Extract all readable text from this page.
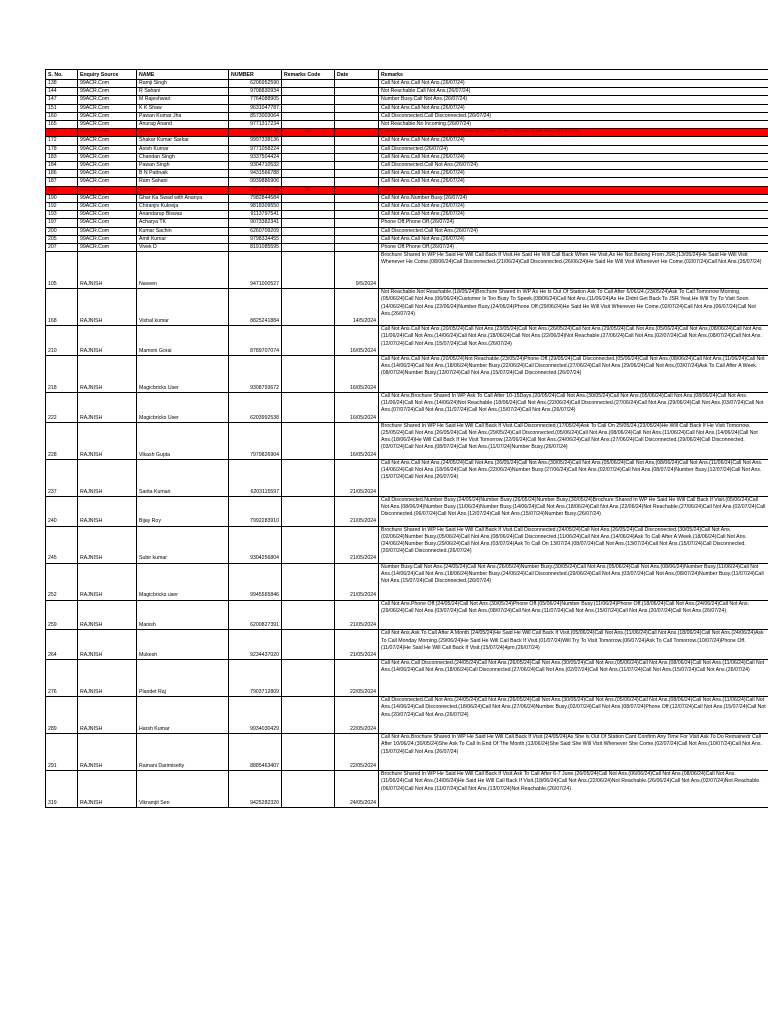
S. No.	Enquiry Source	NAME	NUMBER	Remarks Code	Date	Remarks
138	99ACR.Com	Ramji Singh	6206952590			Call Not Ans.Call Not Ans.(26/07/24)
144	99ACR.Com	R Sahani	9708830934			Not Reachable.Call Not Ans.(26/07/24)
147	99ACR.Com	M Rajeshwari	7764088905			Number Busy.Call Not Ans.(26/07/24)
151	99ACR.Com	K K Shaw	9631047787			Call Not Ans.Call Not Ans.(26/07/24)
160	99ACR.Com	Pawan Kumar Jha	8573003064			Call Disconnected.Call Disconnected.(26/07/24)
165	99ACR.Com	Anurag Anand	9771317234			Not Reachable.No Incoming.(26/07/24)
170	99ACR.Com	Appu	9400279135	NI		Call Disconnected.Customer Don't Have Any Plan To Buy House Right Now.(26/07/24)
172	99ACR.Com	Shakar Kumar Sarkar	9997338136			Call Not Ans.Call Not Ans.(26/07/24)
178	99ACR.Com	Anish Kumar	9771058224			Call Disconnected.(26/07/24)
183	99ACR.Com	Chandan Singh	9337504424			Call Not Ans.Call Not Ans.(26/07/24)
184	99ACR.Com	Pawan Singh	9304710532			Call Disconnected.Call Not Ans.(26/07/24)
186	99ACR.Com	B N Pattnaik	9431566788			Call Not Ans.Call Not Ans.(26/07/24)
187	99ACR.Com	Ram Sahani	9939886906			Call Not Ans.Call Not Ans.(26/07/24)
189	99ACR.Com	Saveen	9953434235	NI		Call Not Ans.Not Interested.(26/07/24)
190	99ACR.Com	Ghar Ka Swad with Ananya	7982844584			Call Not Ans.Number Busy.(26/07/24)
192	99ACR.Com	Chiranjiv Kukreja	9818309550			Call Not Ans.Call Not Ans.(26/07/24)
193	99ACR.Com	Anandarup Biswas	9113797541			Call Not Ans.Call Not Ans.(26/07/24)
197	99ACR.Com	Acharya TK	9073382341			Phone Off.Phone Off.(26/07/24)
200	99ACR.Com	Kumar Sachin	6260709209			Call Disconnected.Call Not Ans.(26/07/24)
205	99ACR.Com	Amit Kumar	9798334455			Call Not Ans.Call Not Ans.(26/07/24)
207	99ACR.Com	Vivek D	8191085595			Phone Off.Phone Off.(26/07/24)
105	RAJNISH	Naveen	9471000527		9/5/2024	Brochure Shared In WP He Said He Will Call Back If Visit.He Said He Will Call Back When He Visit,As He Not Belong From JSR.(13/05/24)He Said He Will Visit Whenever He Come.(08/06/24)Call Disconnected.(21/06/24)Call Disconnected.(26/06/24)He Said He Will Visit Whenever He Come.(02/07/24)Call Not Ans.(26/07/24)
168	RAJNISH	Vishal kumar	8825241884		14/5/2024	Not Reachable.Not Reachable.(18/05/24)Brochure Shared In WP As He Is Out Of Station Ask To Call After 6/06/24.(23/05/24)Ask To Call Tomorrow Morning.(05/06/24)Call Not Ans.(06/06/24)Customer Is Too Busy To Speek.(08/06/24)Call Not Ans.(11/06/24)As He Didnt Get Back To JSR Yeat,He Will Try To Visit Soon.(14/06/24)Call Not Ans.(22/06/24)Number Busy.(24/06/24)Phone Off.(29/06/24)He Said He Will Visit Whenever He Come.(02/07/24)Call Not Ans.(06/07/24)Call Not Ans.(26/07/24)
210	RAJNISH	Mamoni Gorai	8789707074		16/05/2024	Call Not Ans.Call Not Ans.(20/05/24)Call Not Ans.(23/05/24)Call Not Ans.(26/05/24)Call Not Ans.(29/05/24)Call Not Ans.(05/06/24)Call Not Ans.(08/06/24)Call Not Ans.(11/06/24)Call Not Ans.(14/06/24)Call Not Ans.(18/06/24)Call Not Ans.(22/06/24)Not Reachable.(27/06/24)Call Not Ans.(02/07/24)Call Not Ans.(08/07/24)Call Not Ans.(12/07/24)Call Not Ans.(15/07/24)Call Not Ans.(26/07/24)
218	RAJNISH	Magicbricks User	9308793672		16/05/2024	Call Not Ans.Call Not Ans.(20/05/24)Not Reachable.(23/05/24)Phone Off.(29/05/24)Call Disconnected.(05/06/24)Call Not Ans.(08/06/24)Call Not Ans.(11/06/24)Call Not Ans.(14/06/24)Call Not Ans.(18/06/24)Number Busy.(22/06/24)Call Disconnected.(27/06/24)Call Not Ans.(29/06/24)Call Not Ans.(03/07/24)Ask To Call After A Week.(08/07/24)Number Busy.(13/07/24)Call Not Ans.(15/07/24)Call Disconnected.(26/07/24)
222	RAJNISH	Magicbricks User	6203992538		16/05/2024	Call Not Ans.Brochure Shared In WP Ask To Call After 10-15Days.(20/05/24)Call Not Ans.(30/05/24)Call Not Ans.(05/06/24)Call Not Ans.(08/06/24)Call Not Ans.(11/06/24)Call Not Ans.(14/06/24)Not Reachable.(18/06/24)Call Not Ans.(22/06/24)Call Disconnected.(27/06/24)Call Not Ans.(29/06/24)Call Not Ans.(03/07/24)Call Not Ans.(07/07/24)Call Not Ans.(11/07/24)Call Not Ans.(15/07/24)Call Not Ans.(26/07/24)
228	RAJNISH	Vikash Gupta	7979826904		16/05/2024	Brochure Shared In WP He Said He Will Call Back If Visit.Call Disconnected.(17/05/24)Ask To Call On 25/05/24.(23/05/24)He Will Call Back If He Visit Tomorrow.(25/05/24)Call Not Ans.(26/05/24)Call Not Ans.(29/05/24)Call Disconnected.(05/06/24)Call Not Ans.(08/06/24)Call Not Ans.(11/06/24)Call Not Ans.(14/06/24)Call Not Ans.(18/06/24)He Will Call Back If He Visit Tomorrow.(22/06/24)Call Not Ans.(24/06/24)Call Not Ans.(27/06/24)Call Disconnected.(29/06/24)Call Disconnected.(03/07/24)Call Not Ans.(08/07/24)Call Not Ans.(11/07/24)Number Busy.(26/07/24)
237	RAJNISH	Sarita Kumari	6203115597		21/05/2024	Call Not Ans.Call Not Ans.(24/05/24)Call Not Ans.(26/05/24)Call Not Ans.(30/05/24)Call Not Ans.(05/06/24)Call Not Ans.(08/06/24)Call Not Ans.(11/06/24)Call Not Ans.(14/06/24)Call Not Ans.(18/06/24)Call Not Ans.(22/06/24)Number Busy.(27/06/24)Call Not Ans.(02/07/24)Call Not Ans.(08/07/24)Number Busy.(12/07/24)Call Not Ans.(15/07/24)Call Not Ans.(26/07/24)
240	RAJNISH	Bijay Roy	7992283910		21/05/2024	Call Disconnected.Number Busy.(24/05/24)Number Busy.(26/05/24)Number Busy.(30/05/24)Brochure Shared In WP He Said He Will Call Back If Visit.(05/06/24)Call Not Ans.(08/06/24)Number Busy.(11/06/24)Number Busy.(14/06/24)Call Not Ans.(18/06/24)Call Not Ans.(22/06/24)Not Reachable.(27/06/24)Call Not Ans.(02/07/24)Call Disconnected.(06/07/24)Call Not Ans.(12/07/24)Call Not Ans.(15/07/24)Number Busy.(26/07/24)
245	RAJNISH	Subir kumar	9304256804		21/05/2024	Brochure Shared In WP He Said He Will Call Back If Visit.Call Disconnected.(24/05/24)Call Not Ans.(26/05/24)Call Disconnected.(30/05/24)Call Not Ans.(02/06/24)Number Busy.(05/06/24)Call Not Ans.(08/06/24)Call Disconnected.(11/06/24)Call Not Ans.(14/06/24)Ask To Call After A Week.(18/06/24)Call Not Ans.(24/06/24)Number Busy.(29/06/24)Call Not Ans.(03/07/24)Ask To Call On 13/07/24.(08/07/24)Call Not Ans.(13/07/24)Call Not Ans.(15/07/24)Call Disconnected.(20/07/24)Call Disconnected.(26/07/24)
252	RAJNISH	Magicbricks user	9945565846		21/05/2024	Number Busy.Call Not Ans.(24/05/24)Call Not Ans.(26/05/24)Number Busy.(30/05/24)Call Not Ans.(05/06/24)Call Not Ans.(08/06/24)Number Busy.(11/06/24)Call Not Ans.(14/06/24)Call Not Ans.(18/06/24)Number Busy.(24/06/24)Call Disconnected.(29/06/24)Call Not Ans.(03/07/24)Call Not Ans.(08/07/24)Number Busy.(11/07/24)Call Not Ans.(15/07/24)Call Disconnected.(26/07/24)
259	RAJNISH	Manish	6200827391		21/05/2024	Call Not Ans.Phone Off.(24/05/24)Call Not Ans.(30/05/24)Phone Off.(05/06/24)Number Busy.(11/06/24)Phone Off.(18/06/24)Call Not Ans.(24/06/24)Call Not Ans.(29/06/24)Call Not Ans.(03/07/24)Call Not Ans.(08/07/24)Call Not Ans.(11/07/24)Call Not Ans.(15/07/24)Call Not Ans.(20/07/24)Call Not Ans.(26/07/24)
264	RAJNISH	Mukesh	9234437020		21/05/2024	Call Not Ans.Ask To Call After A Month.(24/05/24)He Said He Will Call Back If Visit.(05/06/24)Call Not Ans.(11/06/24)Call Not Ans.(18/06/24)Call Not Ans.(24/06/24)Ask To Call Monday Morning.(29/06/24)He Said He Will Call Back If Visit.(01/07/24)Will Try To Visit Tomorrow.(06/07/24)Ask To Call Tomorrow.(10/07/24)Phone Off.(11/07/24)He Said He Will Call Back If Visit.(15/07/24)4pm.(26/07/24)
276	RAJNISH	Plandet Raj	7903712809		22/05/2024	Call Not Ans.Call Disconnected.(24/05/24)Call Not Ans.(26/05/24)Call Not Ans.(30/05/24)Call Not Ans.(05/06/24)Call Not Ans.(08/06/24)Call Not Ans.(11/06/24)Call Not Ans.(14/06/24)Call Not Ans.(18/06/24)Call Disconnected.(27/06/24)Call Not Ans.(02/07/24)Call Not Ans.(11/07/24)Call Not Ans.(15/07/24)Call Not Ans.(26/07/24)
289	RAJNISH	Harsh Kumar	9934030429		22/05/2024	Call Disconnected.Call Not Ans.(24/05/24)Call Not Ans.(26/05/24)Call Not Ans.(30/05/24)Call Not Ans.(05/06/24)Call Not Ans.(08/06/24)Call Not Ans.(11/06/24)Call Not Ans.(14/06/24)Call Disconnected.(18/06/24)Call Not Ans.(27/06/24)Number Busy.(02/07/24)Call Not Ans.(08/07/24)Phone Off.(12/07/24)Call Not Ans.(15/07/24)Call Not Ans.(20/07/24)Call Not Ans.(26/07/24)
291	RAJNISH	Ramani Darimisetty	8885463407		22/05/2024	Call Not Ans.Brochure Shared In WP He Said He Will Call Back If Visit.(24/05/24)As She Is Out Of Station Cant Confirm Any Time For Visit Ask To Do Remainedr Call After 10/06/24.(30/05/24)She Ask To Call In End Of The Month.(13/06/24)She Said She Will Visit Whenever She Come.(02/07/24)Call Not Ans.(10/07/24)Call Not Ans.(15/07/24)Call Not Ans.(26/07/24)
319	RAJNISH	Vikramjit Sen	9425282320		24/05/2024	Brochure Shared In WP He Said He Will Call Back If Visit.Ask To Call After 6-7 June.(26/05/24)Call Not Ans.(06/06/24)Call Not Ans.(08/06/24)Call Not Ans.(11/06/24)Call Not Ans.(14/06/24)He Said He Will Call Back If Visit.(18/06/24)Call Not Ans.(22/06/24)Not Reachable.(26/06/24)Call Not Ans.(02/07/24)Not Reachable.(06/07/24)Call Not Ans.(11/07/24)Call Not Ans.(13/07/24)Not Reachable.(26/07/24)
